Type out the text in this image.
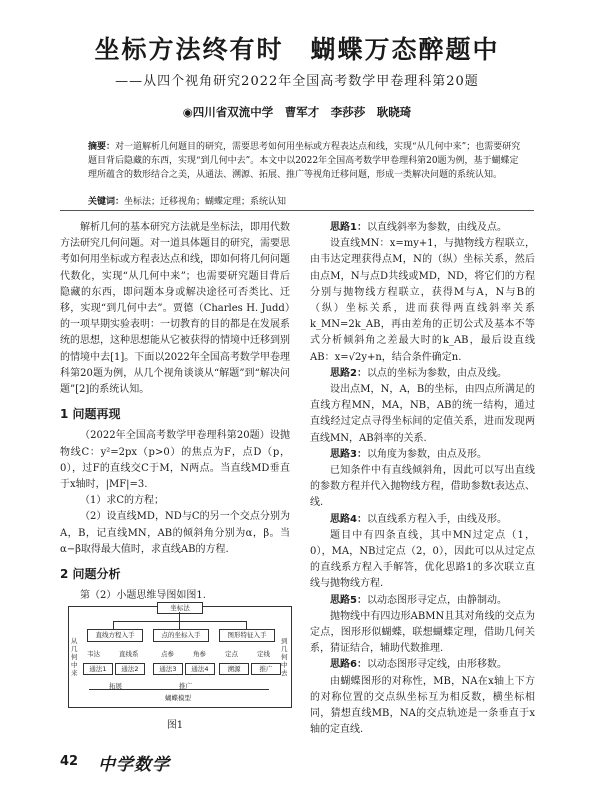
坐标方法终有时　蝴蝶万态醉题中
——从四个视角研究2022年全国高考数学甲卷理科第20题
◉四川省双流中学　曹军才　李莎莎　耿晓琦
摘要：对一道解析几何题目的研究，需要思考如何用坐标或方程表达点和线，实现“从几何中来”；也需要研究题目背后隐藏的东西，实现“到几何中去”。本文中以2022年全国高考数学甲卷理科第20题为例，基于蝴蝶定理所蕴含的数形结合之美，从通法、溯源、拓展、推广等视角迁移问题，形成一类解决问题的系统认知。
关键词：坐标法；迁移视角；蝴蝶定理；系统认知

解析几何的基本研究方法就是坐标法，即用代数方法研究几何问题。对一道具体题目的研究，需要思考如何用坐标或方程表达点和线，即如何将几何问题代数化，实现“从几何中来”；也需要研究题目背后隐藏的东西，即问题本身或解决途径可否类比、迁移，实现“到几何中去”。贾德（Charles H. Judd）的一项早期实验表明：一切教育的目的都是在发展系统的思想，这种思想能从它被获得的情境中迁移到别的情境中去[1]。下面以2022年全国高考数学甲卷理科第20题为例，从几个视角谈谈从“解题”到“解决问题”[2]的系统认知。

1 问题再现

（2022年全国高考数学甲卷理科第20题）设抛物线C：y²=2px（p>0）的焦点为F，点D（p，0），过F的直线交C于M，N两点。当直线MD垂直于x轴时，|MF|=3.

（1）求C的方程；

（2）设直线MD，ND与C的另一个交点分别为A，B，记直线MN，AB的倾斜角分别为α，β。当α−β取得最大值时，求直线AB的方程.

2 问题分析

第（2）小题思维导图如图1.

思路1：以直线斜率为参数，由线及点。

设直线MN：x=my+1，与抛物线方程联立，由韦达定理获得点M，N的（纵）坐标关系，然后由点M，N与点D共线或MD，ND，将它们的方程分别与抛物线方程联立，获得M与A，N与B的（纵）坐标关系，进而获得两直线斜率关系k_MN=2k_AB，再由差角的正切公式及基本不等式分析倾斜角之差最大时的k_AB，最后设直线AB：x=√2y+n，结合条件确定n.

思路2：以点的坐标为参数，由点及线。

设出点M，N，A，B的坐标，由四点所满足的直线方程MN，MA，NB，AB的统一结构，通过直线经过定点寻得坐标间的定值关系，进而发现两直线MN，AB斜率的关系.

思路3：以角度为参数，由点及形。

已知条件中有直线倾斜角，因此可以写出直线的参数方程并代入抛物线方程，借助参数t表达点、线.

思路4：以直线系方程入手，由线及形。

题目中有四条直线，其中MN过定点（1，0），MA，NB过定点（2，0），因此可以从过定点的直线系方程入手解答，优化思路1的多次联立直线与抛物线方程.

思路5：以动态图形寻定点，由静制动。

抛物线中有四边形ABMN且其对角线的交点为定点，图形形似蝴蝶，联想蝴蝶定理，借助几何关系，猜证结合，辅助代数推理.

思路6：以动态图形寻定线，由形移数。

由蝴蝶图形的对称性，MB，NA在x轴上下方的对称位置的交点纵坐标互为相反数，横坐标相同，猜想直线MB，NA的交点轨迹是一条垂直于x轴的定直线.

坐标法
从几何中来
到几何中去
直线方程入手	点的坐标入手	图形特征入手
韦达	直线系	点参	角参	定点	定线
通法1	通法2	通法3	通法4	溯源	推广
拓展	推广
蝴蝶模型
图1
42 中学数学
